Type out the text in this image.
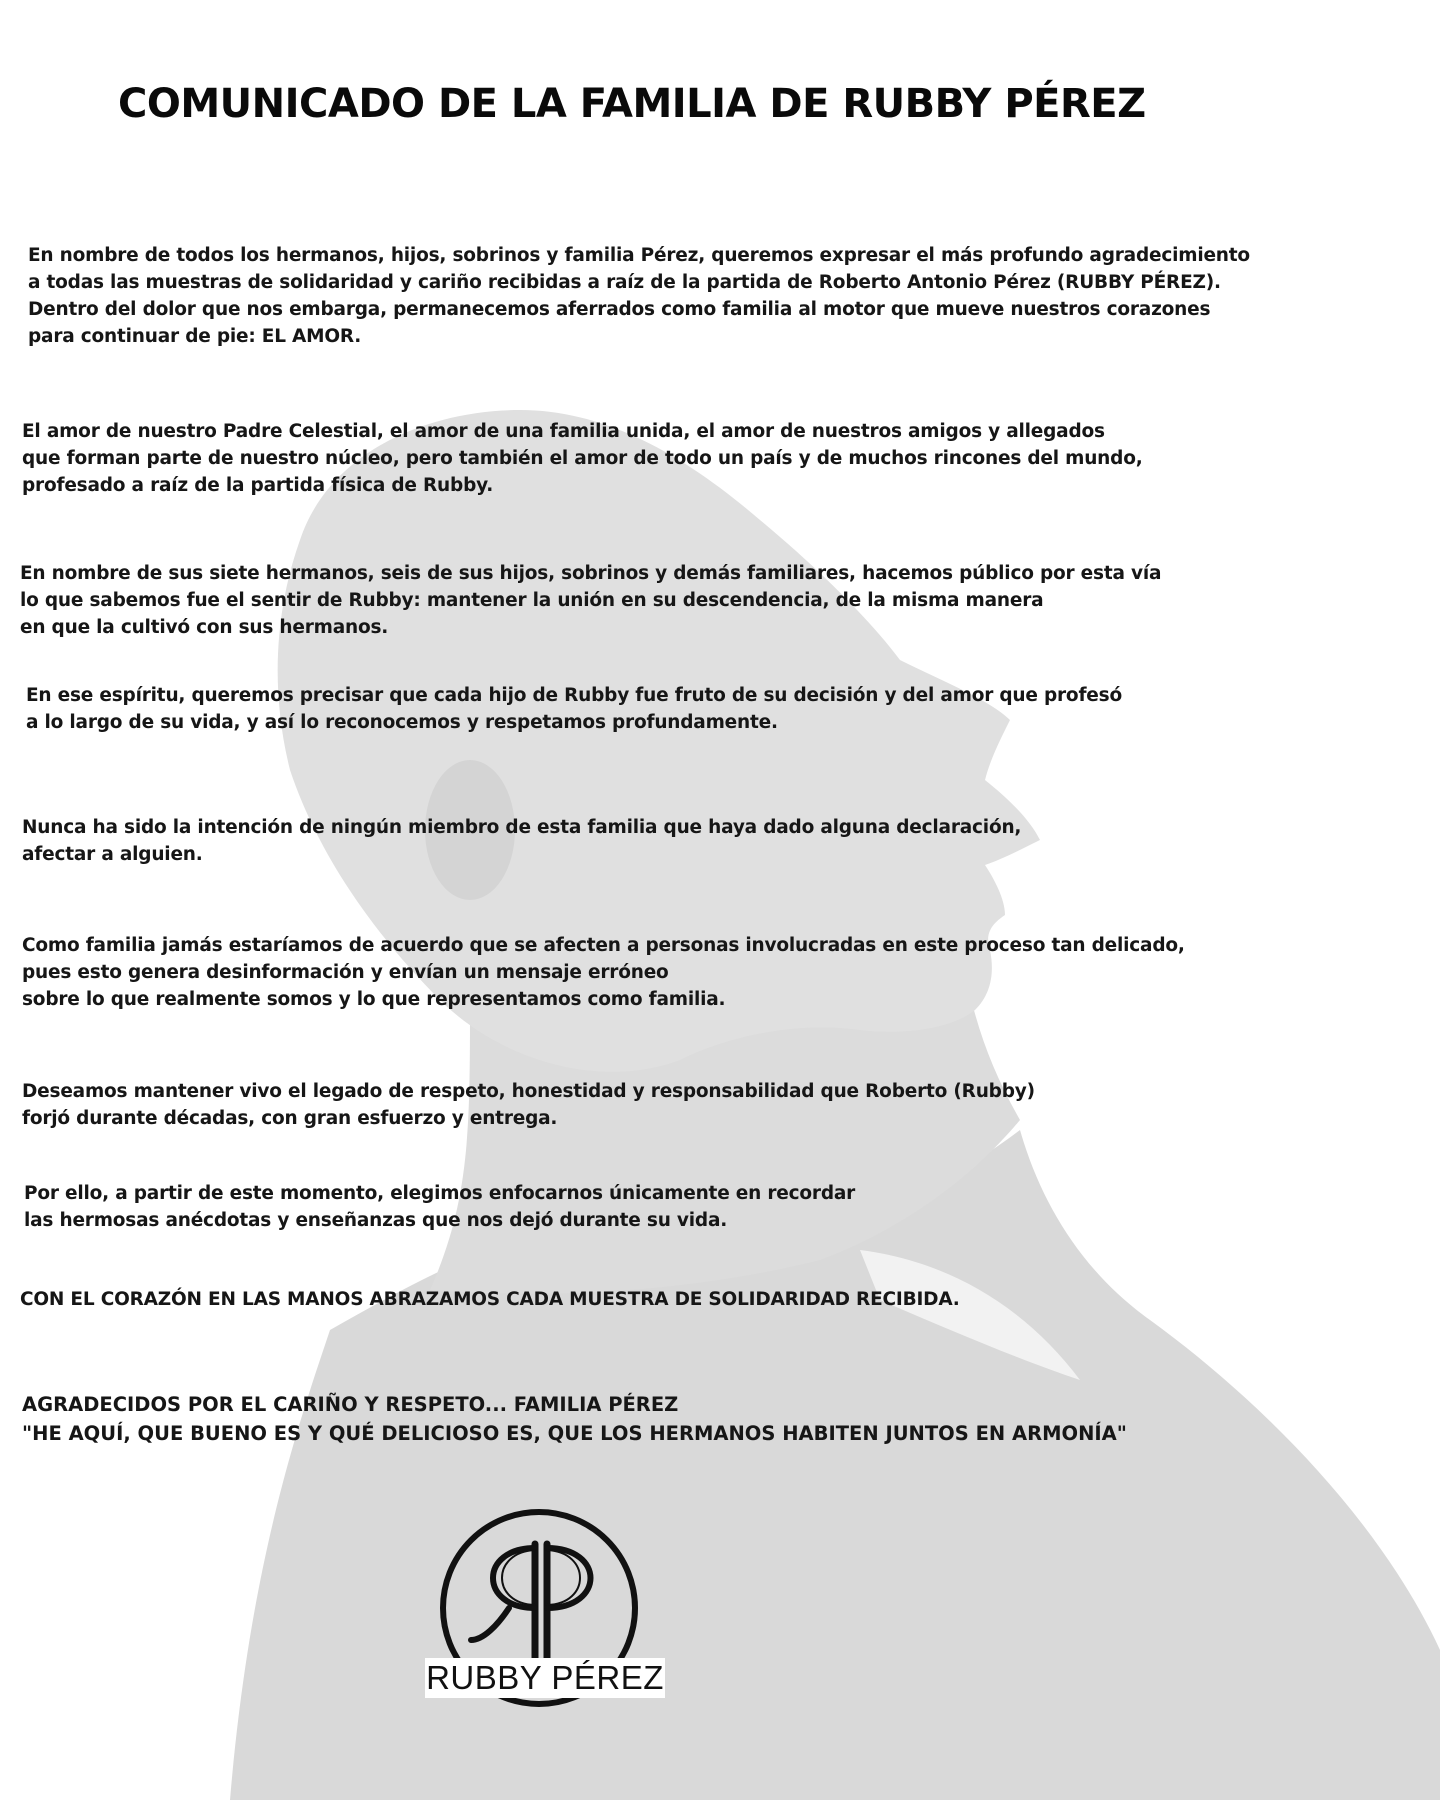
COMUNICADO DE LA FAMILIA DE RUBBY PÉREZ
En nombre de todos los hermanos, hijos, sobrinos y familia Pérez, queremos expresar el más profundo agradecimiento
a todas las muestras de solidaridad y cariño recibidas a raíz de la partida de Roberto Antonio Pérez (RUBBY PÉREZ).
Dentro del dolor que nos embarga, permanecemos aferrados como familia al motor que mueve nuestros corazones
para continuar de pie: EL AMOR.
El amor de nuestro Padre Celestial, el amor de una familia unida, el amor de nuestros amigos y allegados
que forman parte de nuestro núcleo, pero también el amor de todo un país y de muchos rincones del mundo,
profesado a raíz de la partida física de Rubby.
En nombre de sus siete hermanos, seis de sus hijos, sobrinos y demás familiares, hacemos público por esta vía
lo que sabemos fue el sentir de Rubby: mantener la unión en su descendencia, de la misma manera
en que la cultivó con sus hermanos.
En ese espíritu, queremos precisar que cada hijo de Rubby fue fruto de su decisión y del amor que profesó
a lo largo de su vida, y así lo reconocemos y respetamos profundamente.
Nunca ha sido la intención de ningún miembro de esta familia que haya dado alguna declaración,
afectar a alguien.
Como familia jamás estaríamos de acuerdo que se afecten a personas involucradas en este proceso tan delicado,
pues esto genera desinformación y envían un mensaje erróneo
sobre lo que realmente somos y lo que representamos como familia.
Deseamos mantener vivo el legado de respeto, honestidad y responsabilidad que Roberto (Rubby)
forjó durante décadas, con gran esfuerzo y entrega.
Por ello, a partir de este momento, elegimos enfocarnos únicamente en recordar
las hermosas anécdotas y enseñanzas que nos dejó durante su vida.
CON EL CORAZÓN EN LAS MANOS ABRAZAMOS CADA MUESTRA DE SOLIDARIDAD RECIBIDA.
AGRADECIDOS POR EL CARIÑO Y RESPETO... FAMILIA PÉREZ
"HE AQUÍ, QUE BUENO ES Y QUÉ DELICIOSO ES, QUE LOS HERMANOS HABITEN JUNTOS EN ARMONÍA"
RUBBY PÉREZ
